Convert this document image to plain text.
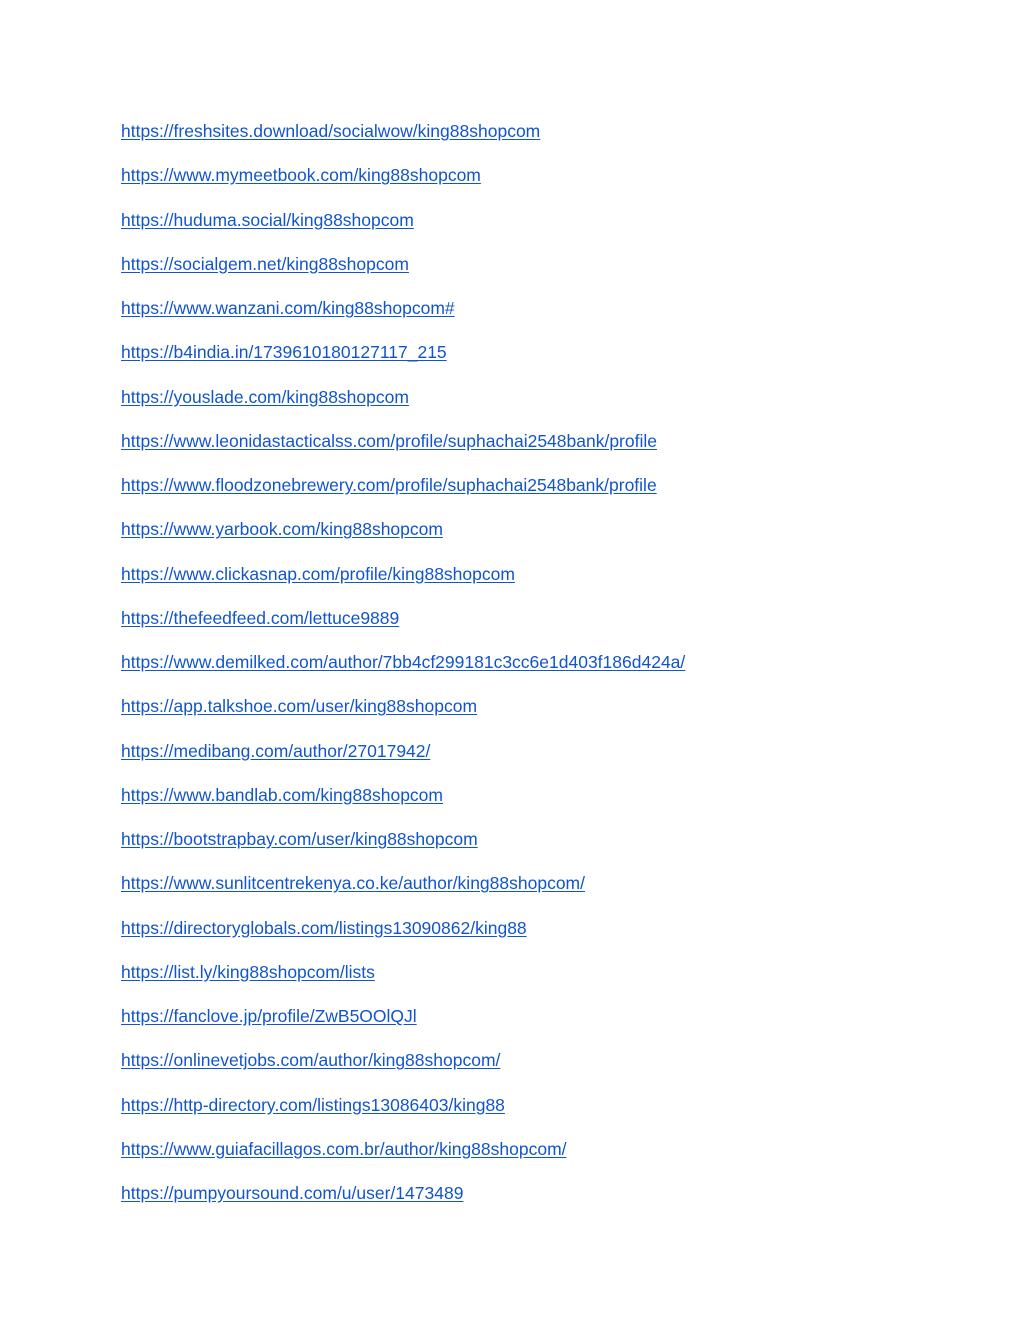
https://freshsites.download/socialwow/king88shopcom
https://www.mymeetbook.com/king88shopcom
https://huduma.social/king88shopcom
https://socialgem.net/king88shopcom
https://www.wanzani.com/king88shopcom#
https://b4india.in/1739610180127117_215
https://youslade.com/king88shopcom
https://www.leonidastacticalss.com/profile/suphachai2548bank/profile
https://www.floodzonebrewery.com/profile/suphachai2548bank/profile
https://www.yarbook.com/king88shopcom
https://www.clickasnap.com/profile/king88shopcom
https://thefeedfeed.com/lettuce9889
https://www.demilked.com/author/7bb4cf299181c3cc6e1d403f186d424a/
https://app.talkshoe.com/user/king88shopcom
https://medibang.com/author/27017942/
https://www.bandlab.com/king88shopcom
https://bootstrapbay.com/user/king88shopcom
https://www.sunlitcentrekenya.co.ke/author/king88shopcom/
https://directoryglobals.com/listings13090862/king88
https://list.ly/king88shopcom/lists
https://fanclove.jp/profile/ZwB5OOlQJl
https://onlinevetjobs.com/author/king88shopcom/
https://http-directory.com/listings13086403/king88
https://www.guiafacillagos.com.br/author/king88shopcom/
https://pumpyoursound.com/u/user/1473489
